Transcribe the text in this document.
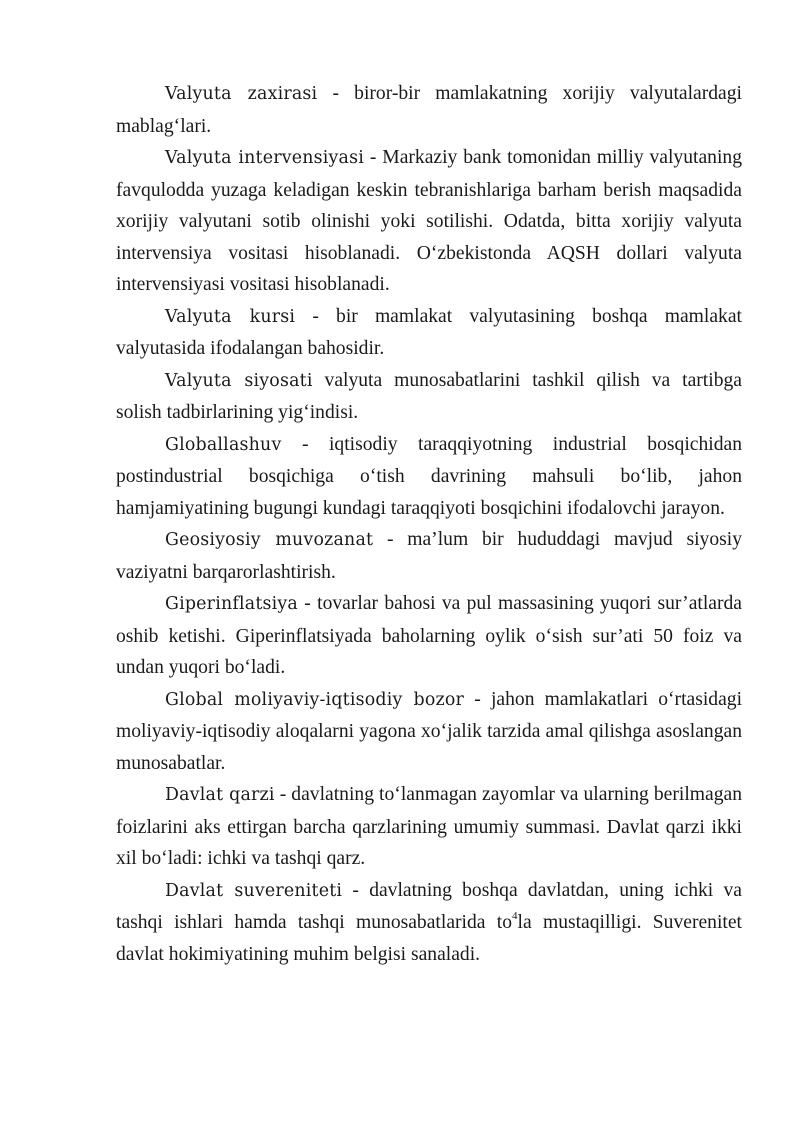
Valyuta zaxirasi - biror-bir mamlakatning xorijiy valyutalardagi mablag‘lari.

Valyuta intervensiyasi - Markaziy bank tomonidan milliy valyutaning favqulodda yuzaga keladigan keskin tebranishlariga barham berish maqsadida xorijiy valyutani sotib olinishi yoki sotilishi. Odatda, bitta xorijiy valyuta intervensiya vositasi hisoblanadi. O‘zbekistonda AQSH dollari valyuta intervensiyasi vositasi hisoblanadi.

Valyuta kursi - bir mamlakat valyutasining boshqa mamlakat valyutasida ifodalangan bahosidir.

Valyuta siyosati valyuta munosabatlarini tashkil qilish va tartibga solish tadbirlarining yig‘indisi.

Globallashuv - iqtisodiy taraqqiyotning industrial bosqichidan postindustrial bosqichiga o‘tish davrining mahsuli bo‘lib, jahon hamjamiyatining bugungi kundagi taraqqiyoti bosqichini ifodalovchi jarayon.

Geosiyosiy muvozanat - ma’lum bir hududdagi mavjud siyosiy vaziyatni barqarorlashtirish.

Giperinflatsiya - tovarlar bahosi va pul massasining yuqori sur’atlarda oshib ketishi. Giperinflatsiyada baholarning oylik o‘sish sur’ati 50 foiz va undan yuqori bo‘ladi.

Global moliyaviy-iqtisodiy bozor - jahon mamlakatlari o‘rtasidagi moliyaviy-iqtisodiy aloqalarni yagona xo‘jalik tarzida amal qilishga asoslangan munosabatlar.

Davlat qarzi - davlatning to‘lanmagan zayomlar va ularning berilmagan foizlarini aks ettirgan barcha qarzlarining umumiy summasi. Davlat qarzi ikki xil bo‘ladi: ichki va tashqi qarz.

Davlat suvereniteti - davlatning boshqa davlatdan, uning ichki va tashqi ishlari hamda tashqi munosabatlarida $to^4la$ mustaqilligi. Suverenitet davlat hokimiyatining muhim belgisi sanaladi.
